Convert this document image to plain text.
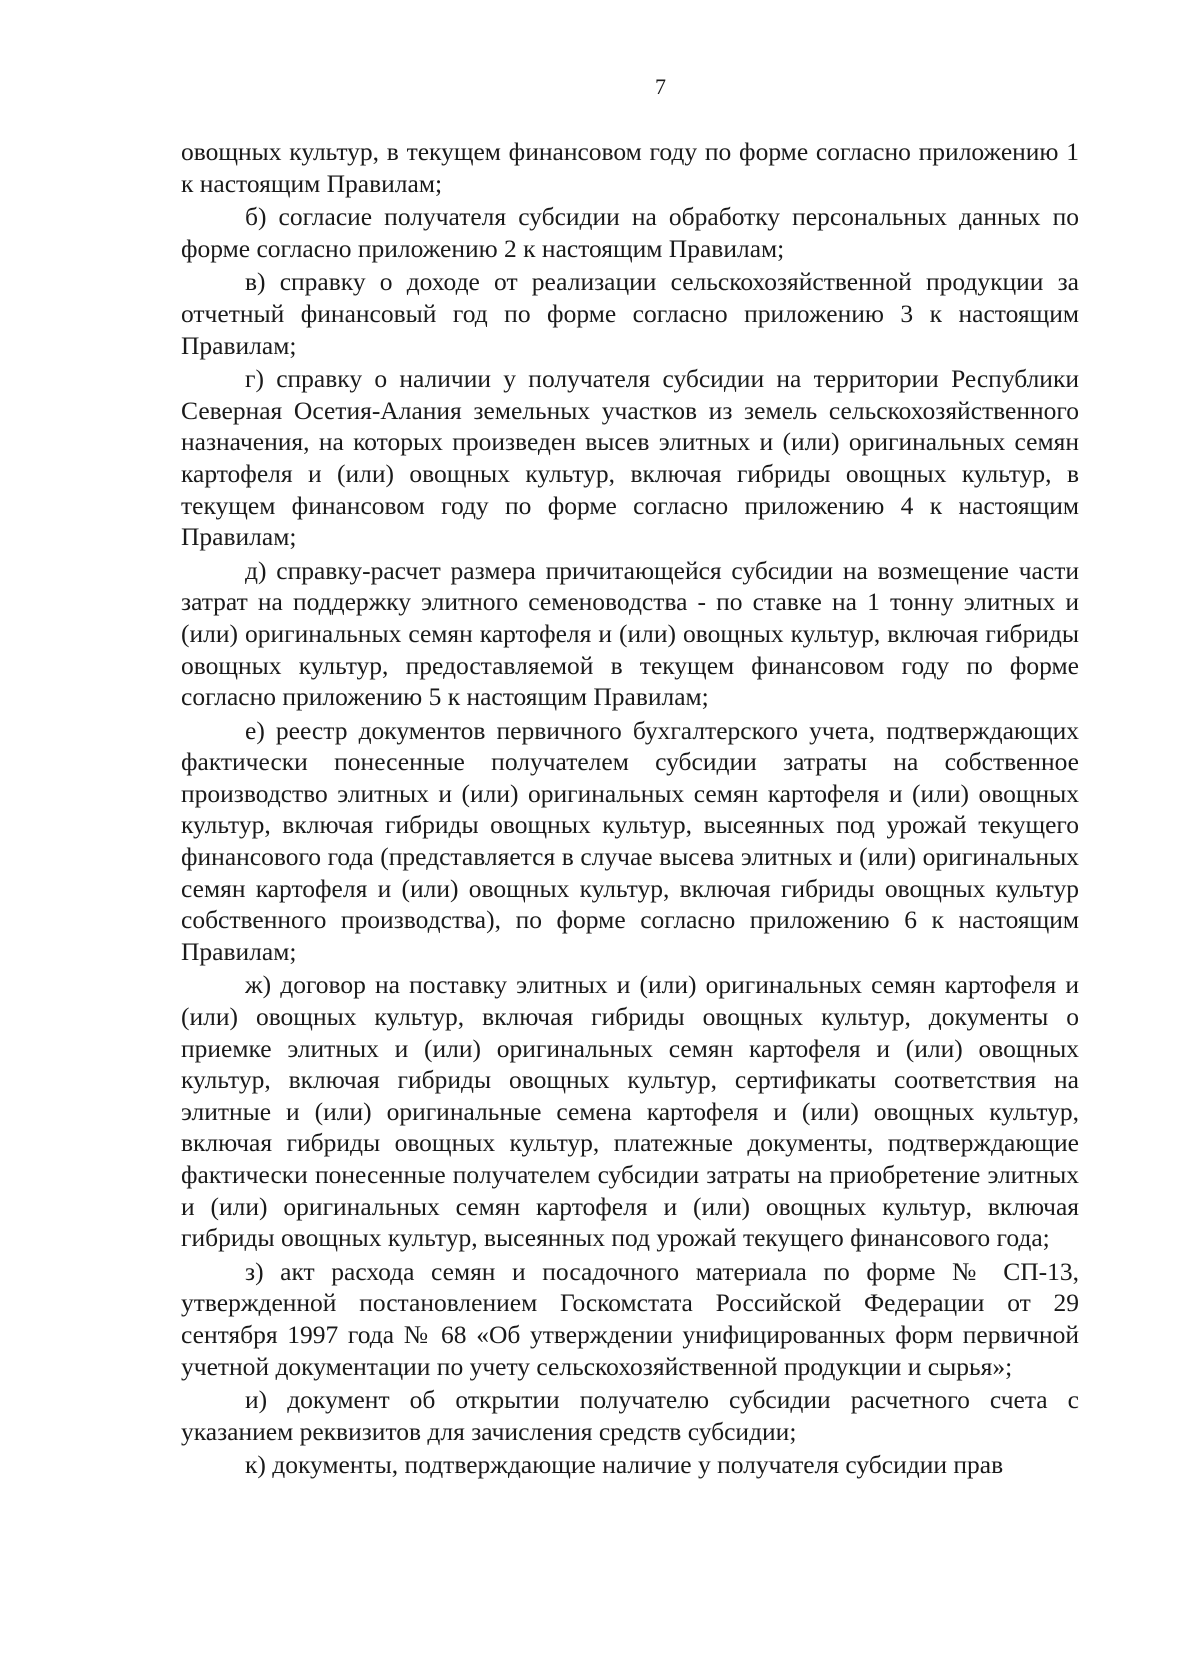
7

овощных культур, в текущем финансовом году по форме согласно приложению 1 к настоящим Правилам;

б) согласие получателя субсидии на обработку персональных данных по форме согласно приложению 2 к настоящим Правилам;

в) справку о доходе от реализации сельскохозяйственной продукции за отчетный финансовый год по форме согласно приложению 3 к настоящим Правилам;

г) справку о наличии у получателя субсидии на территории Республики Северная Осетия-Алания земельных участков из земель сельскохозяйственного назначения, на которых произведен высев элитных и (или) оригинальных семян картофеля и (или) овощных культур, включая гибриды овощных культур, в текущем финансовом году по форме согласно приложению 4 к настоящим Правилам;

д) справку-расчет размера причитающейся субсидии на возмещение части затрат на поддержку элитного семеноводства - по ставке на 1 тонну элитных и (или) оригинальных семян картофеля и (или) овощных культур, включая гибриды овощных культур, предоставляемой в текущем финансовом году по форме согласно приложению 5 к настоящим Правилам;

е) реестр документов первичного бухгалтерского учета, подтверждающих фактически понесенные получателем субсидии затраты на собственное производство элитных и (или) оригинальных семян картофеля и (или) овощных культур, включая гибриды овощных культур, высеянных под урожай текущего финансового года (представляется в случае высева элитных и (или) оригинальных семян картофеля и (или) овощных культур, включая гибриды овощных культур собственного производства), по форме согласно приложению 6 к настоящим Правилам;

ж) договор на поставку элитных и (или) оригинальных семян картофеля и (или) овощных культур, включая гибриды овощных культур, документы о приемке элитных и (или) оригинальных семян картофеля и (или) овощных культур, включая гибриды овощных культур, сертификаты соответствия на элитные и (или) оригинальные семена картофеля и (или) овощных культур, включая гибриды овощных культур, платежные документы, подтверждающие фактически понесенные получателем субсидии затраты на приобретение элитных и (или) оригинальных семян картофеля и (или) овощных культур, включая гибриды овощных культур, высеянных под урожай текущего финансового года;

з) акт расхода семян и посадочного материала по форме № СП-13, утвержденной постановлением Госкомстата Российской Федерации от 29 сентября 1997 года № 68 «Об утверждении унифицированных форм первичной учетной документации по учету сельскохозяйственной продукции и сырья»;

и) документ об открытии получателю субсидии расчетного счета с указанием реквизитов для зачисления средств субсидии;

к) документы, подтверждающие наличие у получателя субсидии прав
